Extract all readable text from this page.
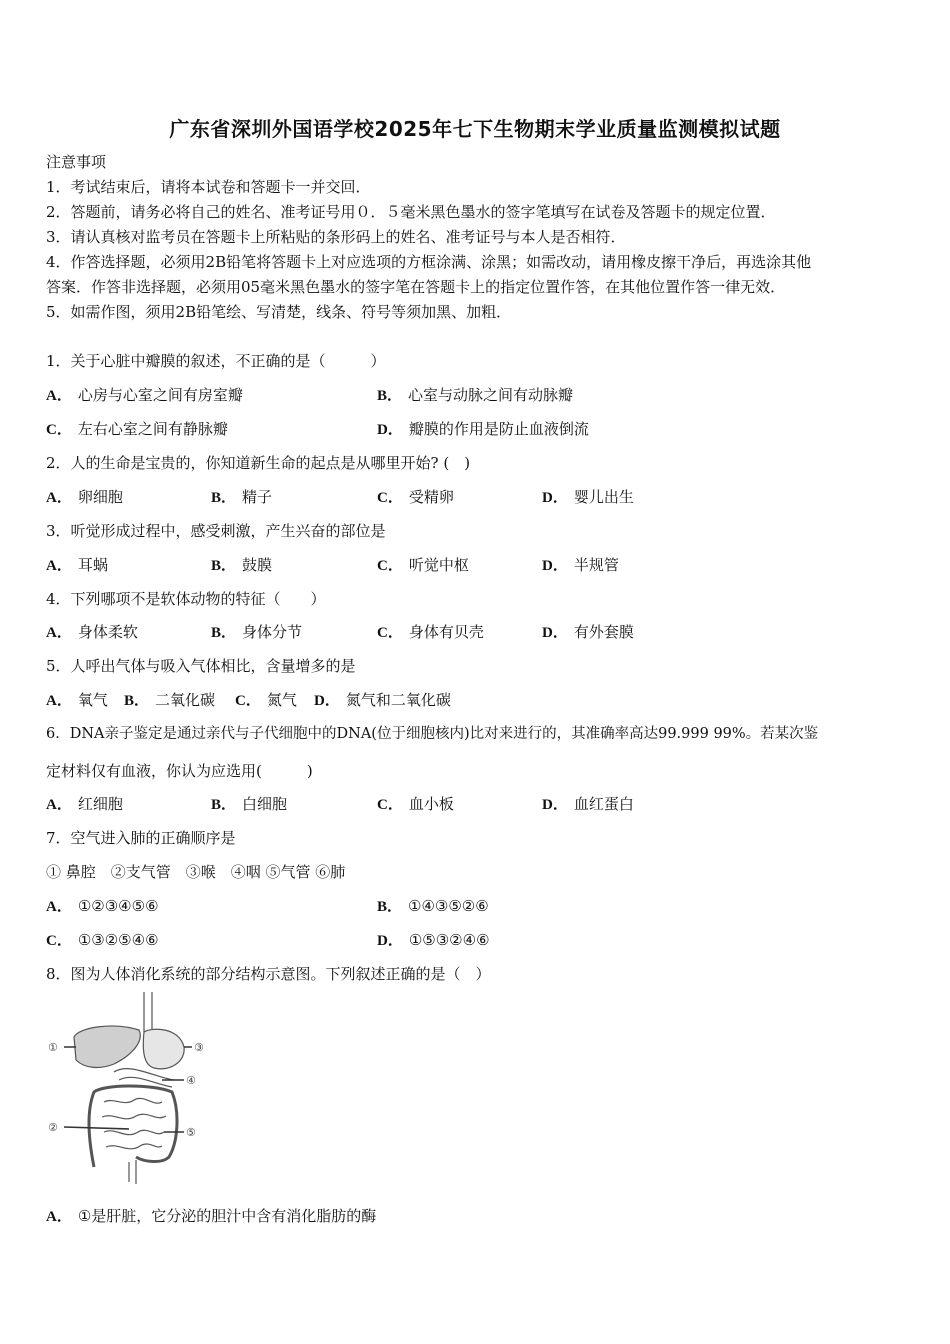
广东省深圳外国语学校2025年七下生物期末学业质量监测模拟试题
注意事项
1．考试结束后，请将本试卷和答题卡一并交回．
2．答题前，请务必将自己的姓名、准考证号用０．５毫米黑色墨水的签字笔填写在试卷及答题卡的规定位置．
3．请认真核对监考员在答题卡上所粘贴的条形码上的姓名、准考证号与本人是否相符．
4．作答选择题，必须用2B铅笔将答题卡上对应选项的方框涂满、涂黑；如需改动，请用橡皮擦干净后，再选涂其他
答案．作答非选择题，必须用05毫米黑色墨水的签字笔在答题卡上的指定位置作答，在其他位置作答一律无效．
5．如需作图，须用2B铅笔绘、写清楚，线条、符号等须加黑、加粗．
1．关于心脏中瓣膜的叙述，不正确的是（　　　）
A． 心房与心室之间有房室瓣	B． 心室与动脉之间有动脉瓣
C． 左右心室之间有静脉瓣	D． 瓣膜的作用是防止血液倒流
2．人的生命是宝贵的，你知道新生命的起点是从哪里开始? (　)
A． 卵细胞	B． 精子	C． 受精卵	D． 婴儿出生
3．听觉形成过程中，感受刺激，产生兴奋的部位是
A． 耳蜗	B． 鼓膜	C． 听觉中枢	D． 半规管
4．下列哪项不是软体动物的特征（　　）
A． 身体柔软	B． 身体分节	C． 身体有贝壳	D． 有外套膜
5．人呼出气体与吸入气体相比，含量增多的是
A． 氧气 B． 二氧化碳 C． 氮气 D． 氮气和二氧化碳
6．DNA亲子鉴定是通过亲代与子代细胞中的DNA(位于细胞核内)比对来进行的，其准确率高达99.999 99%。若某次鉴
定材料仅有血液，你认为应选用(　　　)
A． 红细胞	B． 白细胞	C． 血小板	D． 血红蛋白
7．空气进入肺的正确顺序是
① 鼻腔　②支气管　③喉　④咽 ⑤气管 ⑥肺
A． ①②③④⑤⑥	B． ①④③⑤②⑥
C． ①③②⑤④⑥	D． ①⑤③②④⑥
8．图为人体消化系统的部分结构示意图。下列叙述正确的是（　）
①
②
③
④
⑤
A． ①是肝脏，它分泌的胆汁中含有消化脂肪的酶
